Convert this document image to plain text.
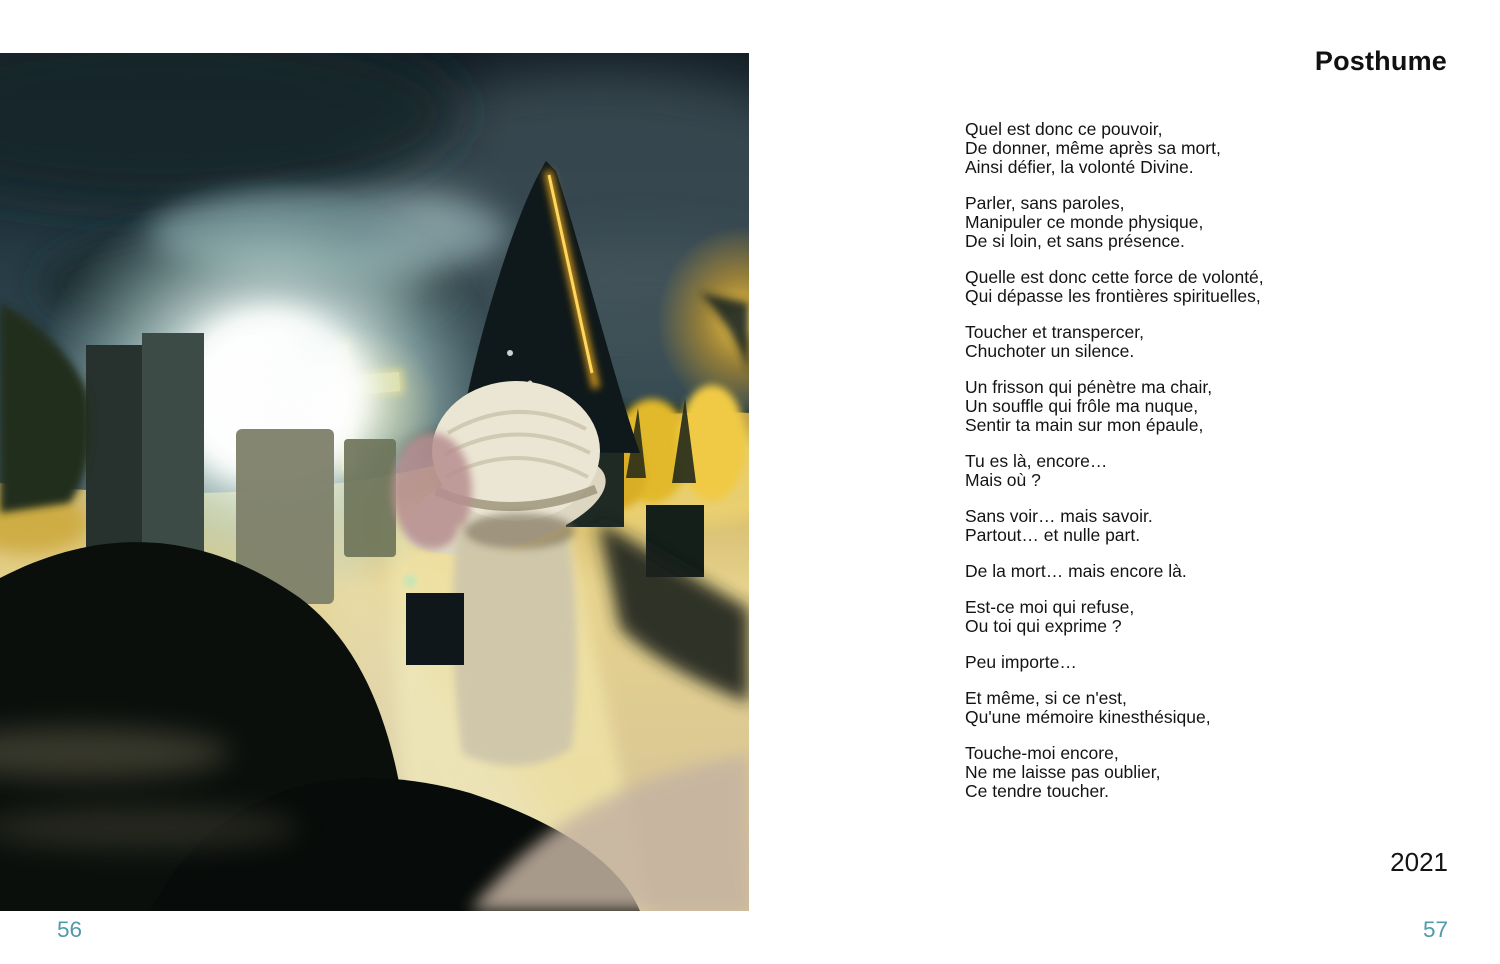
56
Posthume
Quel est donc ce pouvoir,
De donner, même après sa mort,
Ainsi défier, la volonté Divine.
Parler, sans paroles,
Manipuler ce monde physique,
De si loin, et sans présence.
Quelle est donc cette force de volonté,
Qui dépasse les frontières spirituelles,
Toucher et transpercer,
Chuchoter un silence.
Un frisson qui pénètre ma chair,
Un souffle qui frôle ma nuque,
Sentir ta main sur mon épaule,
Tu es là, encore…
Mais où ?
Sans voir… mais savoir.
Partout… et nulle part.
De la mort… mais encore là.
Est-ce moi qui refuse,
Ou toi qui exprime ?
Peu importe…
Et même, si ce n'est,
Qu'une mémoire kinesthésique,
Touche-moi encore,
Ne me laisse pas oublier,
Ce tendre toucher.
2021
57
